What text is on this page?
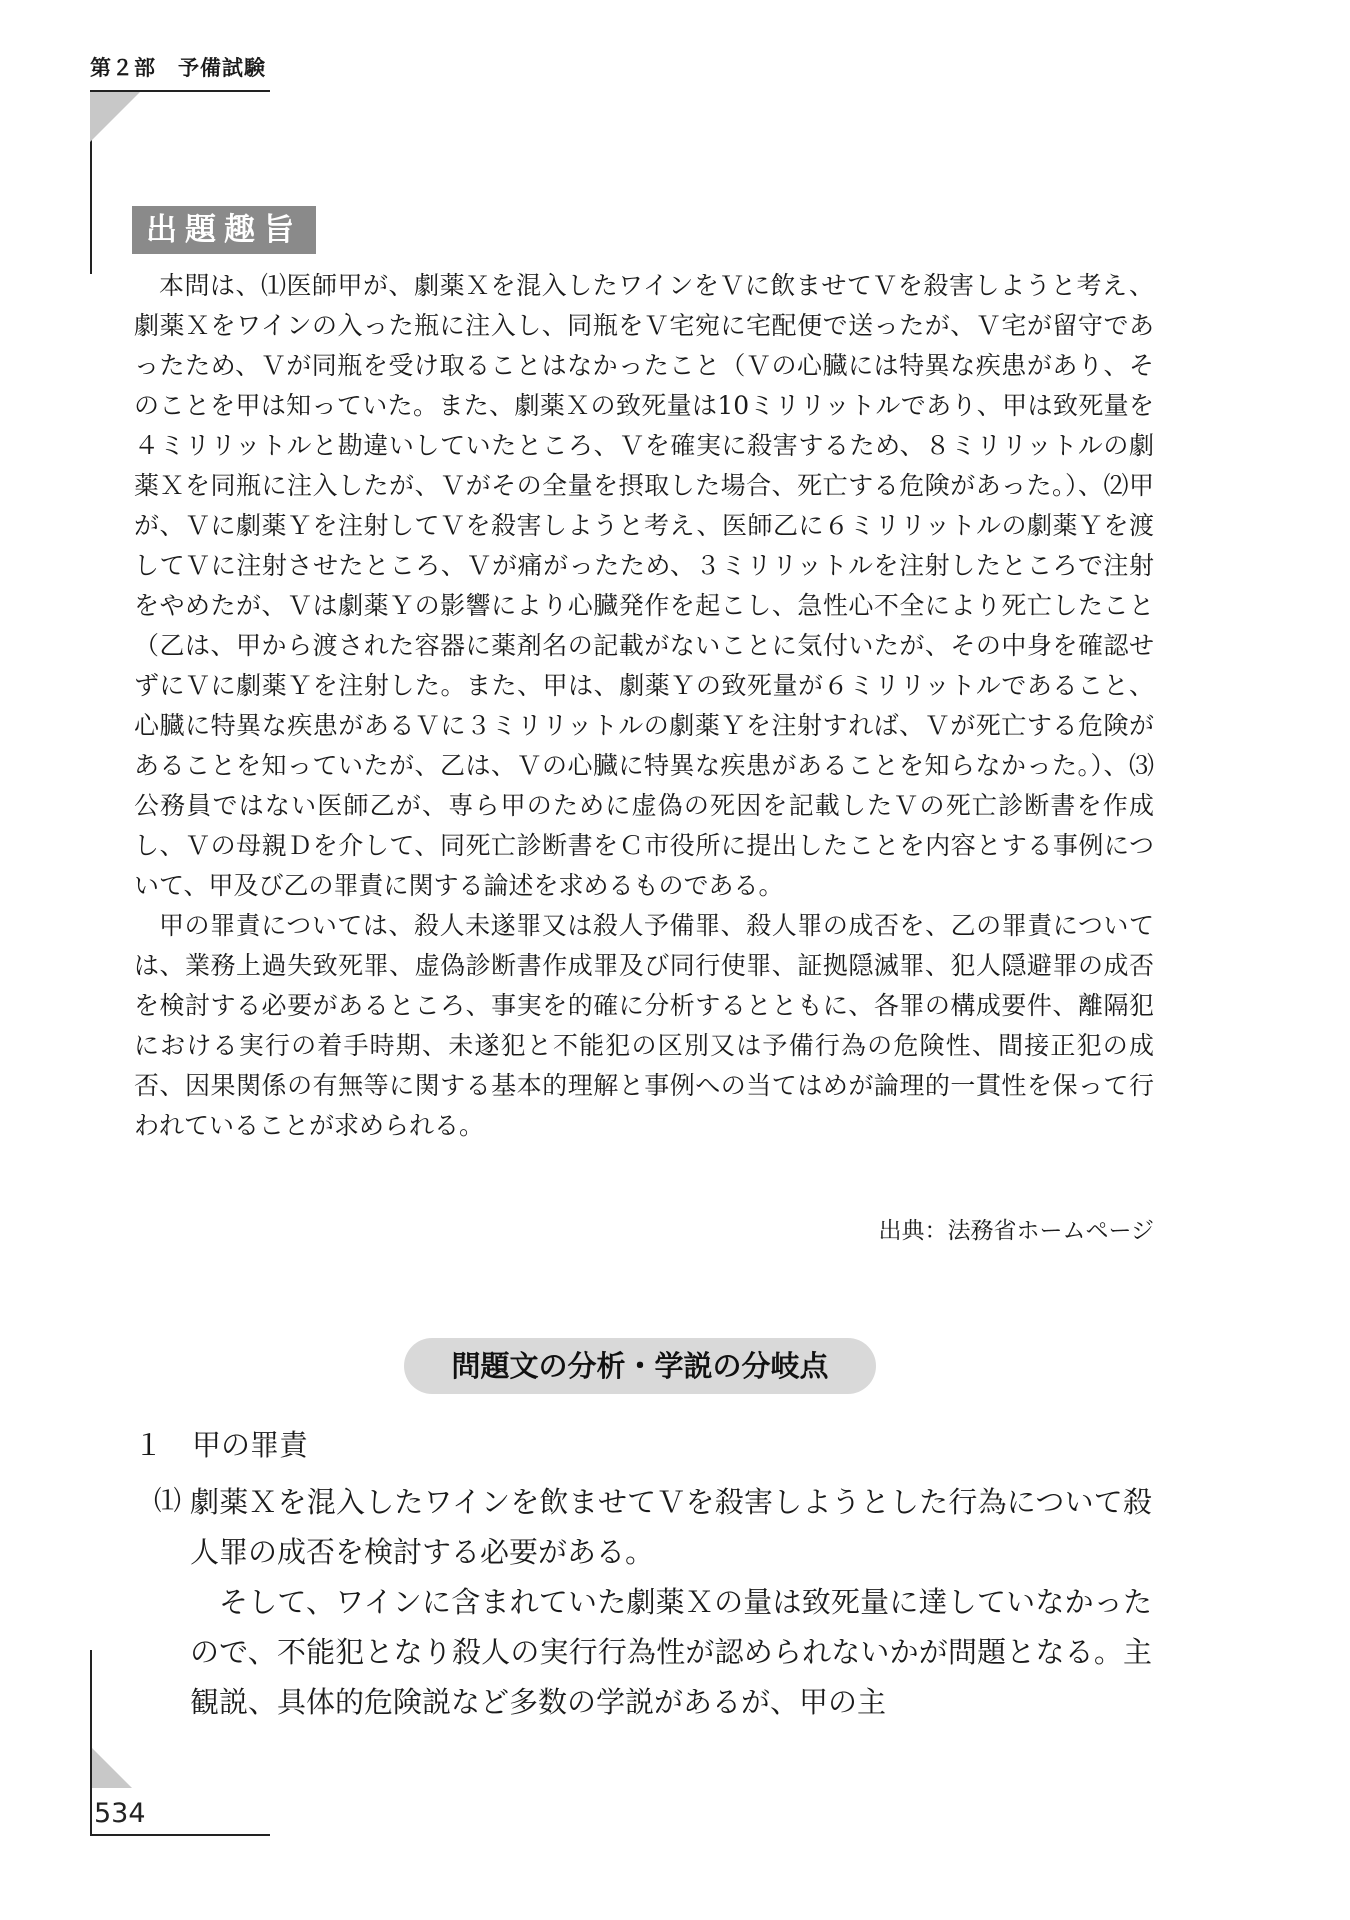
第２部　予備試験
出題趣旨

本問は、⑴医師甲が、劇薬Ｘを混入したワインをＶに飲ませてＶを殺害しようと考え、劇薬Ｘをワインの入った瓶に注入し、同瓶をＶ宅宛に宅配便で送ったが、Ｖ宅が留守であったため、Ｖが同瓶を受け取ることはなかったこと（Ｖの心臓には特異な疾患があり、そのことを甲は知っていた。また、劇薬Ｘの致死量は10ミリリットルであり、甲は致死量を４ミリリットルと勘違いしていたところ、Ｖを確実に殺害するため、８ミリリットルの劇薬Ｘを同瓶に注入したが、Ｖがその全量を摂取した場合、死亡する危険があった。）、⑵甲が、Ｖに劇薬Ｙを注射してＶを殺害しようと考え、医師乙に６ミリリットルの劇薬Ｙを渡してＶに注射させたところ、Ｖが痛がったため、３ミリリットルを注射したところで注射をやめたが、Ｖは劇薬Ｙの影響により心臓発作を起こし、急性心不全により死亡したこと（乙は、甲から渡された容器に薬剤名の記載がないことに気付いたが、その中身を確認せずにＶに劇薬Ｙを注射した。また、甲は、劇薬Ｙの致死量が６ミリリットルであること、心臓に特異な疾患があるＶに３ミリリットルの劇薬Ｙを注射すれば、Ｖが死亡する危険があることを知っていたが、乙は、Ｖの心臓に特異な疾患があることを知らなかった。）、⑶公務員ではない医師乙が、専ら甲のために虚偽の死因を記載したＶの死亡診断書を作成し、Ｖの母親Ｄを介して、同死亡診断書をＣ市役所に提出したことを内容とする事例について、甲及び乙の罪責に関する論述を求めるものである。

甲の罪責については、殺人未遂罪又は殺人予備罪、殺人罪の成否を、乙の罪責については、業務上過失致死罪、虚偽診断書作成罪及び同行使罪、証拠隠滅罪、犯人隠避罪の成否を検討する必要があるところ、事実を的確に分析するとともに、各罪の構成要件、離隔犯における実行の着手時期、未遂犯と不能犯の区別又は予備行為の危険性、間接正犯の成否、因果関係の有無等に関する基本的理解と事例への当てはめが論理的一貫性を保って行われていることが求められる。

出典：法務省ホームページ
問題文の分析・学説の分岐点
１　甲の罪責
⑴ 劇薬Ｘを混入したワインを飲ませてＶを殺害しようとした行為について殺人罪の成否を検討する必要がある。

そして、ワインに含まれていた劇薬Ｘの量は致死量に達していなかったので、不能犯となり殺人の実行行為性が認められないかが問題となる。主観説、具体的危険説など多数の学説があるが、甲の主

534
